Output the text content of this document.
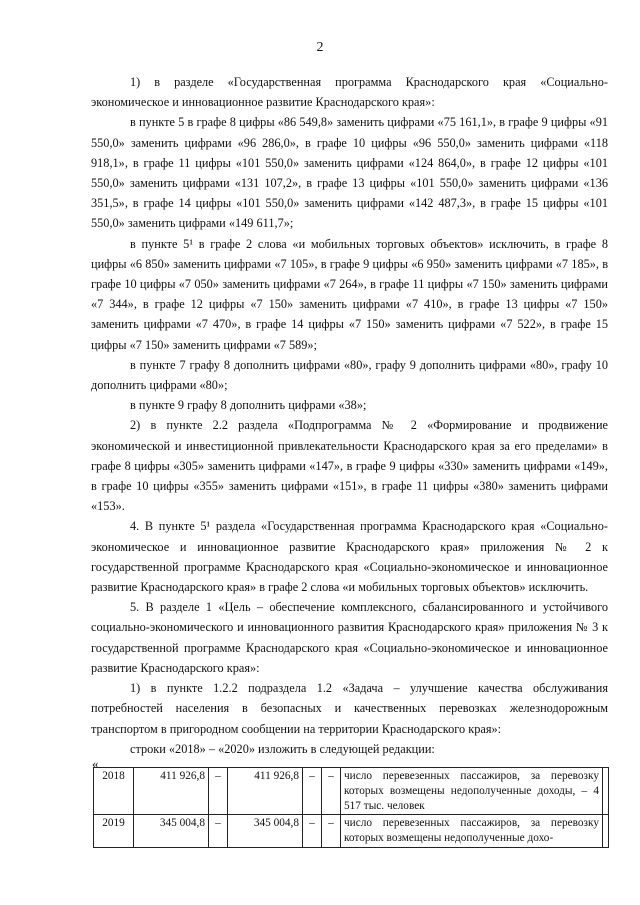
2

1) в разделе «Государственная программа Краснодарского края «Социально-экономическое и инновационное развитие Краснодарского края»:

в пункте 5 в графе 8 цифры «86 549,8» заменить цифрами «75 161,1», в графе 9 цифры «91 550,0» заменить цифрами «96 286,0», в графе 10 цифры «96 550,0» заменить цифрами «118 918,1», в графе 11 цифры «101 550,0» заменить цифрами «124 864,0», в графе 12 цифры «101 550,0» заменить цифрами «131 107,2», в графе 13 цифры «101 550,0» заменить цифрами «136 351,5», в графе 14 цифры «101 550,0» заменить цифрами «142 487,3», в графе 15 цифры «101 550,0» заменить цифрами «149 611,7»;

в пункте 5¹ в графе 2 слова «и мобильных торговых объектов» исключить, в графе 8 цифры «6 850» заменить цифрами «7 105», в графе 9 цифры «6 950» заменить цифрами «7 185», в графе 10 цифры «7 050» заменить цифрами «7 264», в графе 11 цифры «7 150» заменить цифрами «7 344», в графе 12 цифры «7 150» заменить цифрами «7 410», в графе 13 цифры «7 150» заменить цифрами «7 470», в графе 14 цифры «7 150» заменить цифрами «7 522», в графе 15 цифры «7 150» заменить цифрами «7 589»;

в пункте 7 графу 8 дополнить цифрами «80», графу 9 дополнить цифрами «80», графу 10 дополнить цифрами «80»;

в пункте 9 графу 8 дополнить цифрами «38»;

2) в пункте 2.2 раздела «Подпрограмма № 2 «Формирование и продвижение экономической и инвестиционной привлекательности Краснодарского края за его пределами» в графе 8 цифры «305» заменить цифрами «147», в графе 9 цифры «330» заменить цифрами «149», в графе 10 цифры «355» заменить цифрами «151», в графе 11 цифры «380» заменить цифрами «153».

4. В пункте 5¹ раздела «Государственная программа Краснодарского края «Социально-экономическое и инновационное развитие Краснодарского края» приложения № 2 к государственной программе Краснодарского края «Социально-экономическое и инновационное развитие Краснодарского края» в графе 2 слова «и мобильных торговых объектов» исключить.

5. В разделе 1 «Цель – обеспечение комплексного, сбалансированного и устойчивого социально-экономического и инновационного развития Краснодарского края» приложения № 3 к государственной программе Краснодарского края «Социально-экономическое и инновационное развитие Краснодарского края»:

1) в пункте 1.2.2 подраздела 1.2 «Задача – улучшение качества обслуживания потребностей населения в безопасных и качественных перевозках железнодорожным транспортом в пригородном сообщении на территории Краснодарского края»:

строки «2018» – «2020» изложить в следующей редакции:

«
2018	411 926,8	–	411 926,8	–	–	число перевезенных пассажиров, за перевозку которых возмещены недополученные доходы, – 4 517 тыс. человек	
2019	345 004,8	–	345 004,8	–	–	число перевезенных пассажиров, за перевозку которых возмещены недополученные дохо-	
